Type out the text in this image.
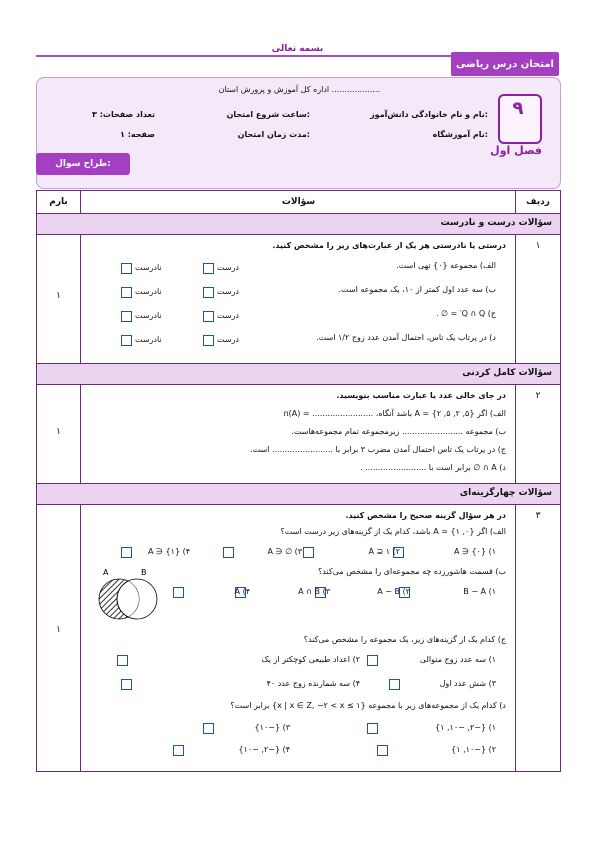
بسمه تعالی
امتحان درس ریاضی
اداره کل آموزش و پرورش استان ...................
نام و نام خانوادگی دانش‌آموز:
نام آموزشگاه:
ساعت شروع امتحان:
مدت زمان امتحان:
تعداد صفحات: ۳
صفحه: ۱
۹
فصل اول
طراح سوال:
ردیف
سؤالات
بارم
سؤالات درست و نادرست
۱
۱
درستی یا نادرستی هر یک از عبارت‌های زیر را مشخص کنید.
الف) مجموعه {۰} تهی است.
ب) سه عدد اول کمتر از ۱۰، یک مجموعه است.
ج) Q ∩ Q′ = ∅ .
د) در پرتاب یک تاس، احتمال آمدن عدد زوج ۱/۲ است.
درست
نادرست
درست
نادرست
درست
نادرست
درست
نادرست
سؤالات کامل کردنی
۲
۱
در جای خالی عدد یا عبارت مناسب بنویسید.
الف) اگر {۵, ۲, ۵, ۲} = A باشد آنگاه، ........................ = n(A)
ب) مجموعه ........................ زیرمجموعه تمام مجموعه‌هاست.
ج) در پرتاب یک تاس احتمال آمدن مضرب ۳ برابر با ........................ است.
د) A ∩ ∅ برابر است با ........................ .
سؤالات چهارگزینه‌ای
۳
۱
در هر سؤال گزینه صحیح را مشخص کنید.
الف) اگر {۰, ۱} = A باشد، کدام یک از گزینه‌های زیر درست است؟
۱) {۰} ∈ A
۲) ۱ ⊆ A
۳) ∅ ∈ A
۴) {۱} ∈ A
ب) قسمت هاشورزده چه مجموعه‌ای را مشخص می‌کند؟
A	B
۱) B − A
۲) A − B
۳) A ∩ B
۴) A
ج) کدام یک از گزینه‌های زیر، یک مجموعه را مشخص می‌کند؟
۱) سه عدد زوج متوالی
۲) اعداد طبیعی کوچکتر از یک
۳) شش عدد اول
۴) سه شمارنده زوج عدد ۴۰
د) کدام یک از مجموعه‌های زیر با مجموعه {x | x ∈ Z, −۲ < x ≤ ۱} برابر است؟
۱) {−۲, −۱۰, ۱}
۲) {−۱۰, ۱}
۳) {−۱۰}
۴) {−۲, −۱۰}
